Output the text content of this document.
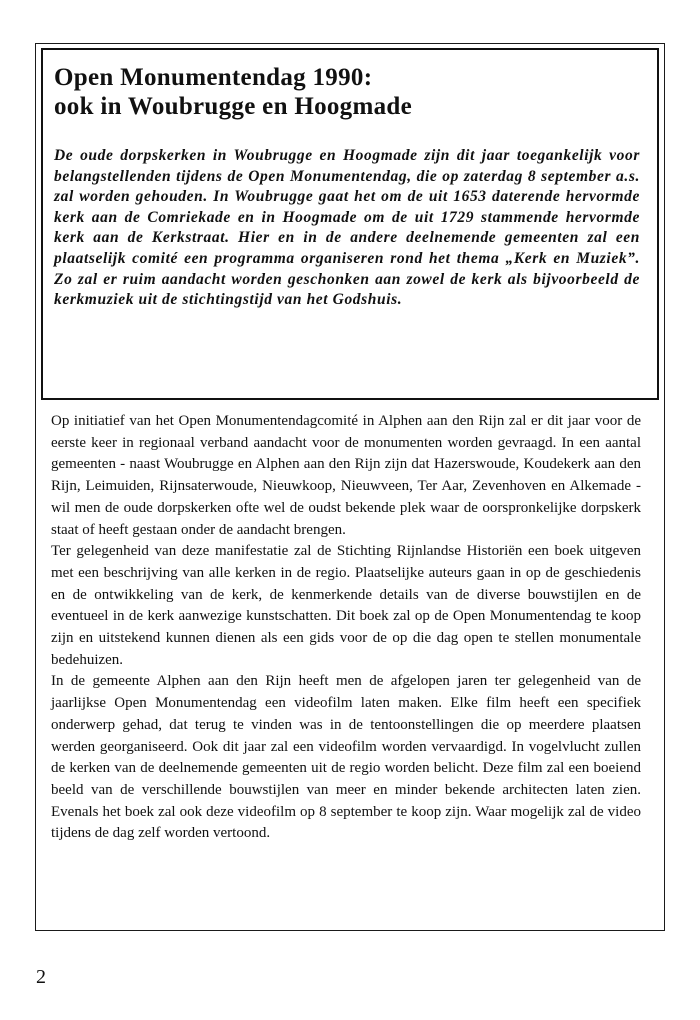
Open Monumentendag 1990:
ook in Woubrugge en Hoogmade

De oude dorpskerken in Woubrugge en Hoogmade zijn dit jaar toegankelijk voor belangstellenden tijdens de Open Monumentendag, die op zaterdag 8 september a.s. zal worden gehouden. In Woubrugge gaat het om de uit 1653 daterende hervormde kerk aan de Comriekade en in Hoogmade om de uit 1729 stammende hervormde kerk aan de Kerkstraat. Hier en in de andere deelnemende gemeenten zal een plaatselijk comité een programma organiseren rond het thema „Kerk en Muziek”. Zo zal er ruim aandacht worden geschonken aan zowel de kerk als bijvoorbeeld de kerkmuziek uit de stichtingstijd van het Godshuis.

Op initiatief van het Open Monumentendagcomité in Alphen aan den Rijn zal er dit jaar voor de eerste keer in regionaal verband aandacht voor de monumenten worden gevraagd. In een aantal gemeenten - naast Woubrugge en Alphen aan den Rijn zijn dat Hazerswoude, Koudekerk aan den Rijn, Leimuiden, Rijnsaterwoude, Nieuwkoop, Nieuwveen, Ter Aar, Zevenhoven en Alkemade - wil men de oude dorpskerken ofte wel de oudst bekende plek waar de oorspronkelijke dorpskerk staat of heeft gestaan onder de aandacht brengen.
Ter gelegenheid van deze manifestatie zal de Stichting Rijnlandse Historiën een boek uitgeven met een beschrijving van alle kerken in de regio. Plaatselijke auteurs gaan in op de geschiedenis en de ontwikkeling van de kerk, de kenmerkende details van de diverse bouwstijlen en de eventueel in de kerk aanwezige kunstschatten. Dit boek zal op de Open Monumentendag te koop zijn en uitstekend kunnen dienen als een gids voor de op die dag open te stellen monumentale bedehuizen.
In de gemeente Alphen aan den Rijn heeft men de afgelopen jaren ter gelegenheid van de jaarlijkse Open Monumentendag een videofilm laten maken. Elke film heeft een specifiek onderwerp gehad, dat terug te vinden was in de tentoonstellingen die op meerdere plaatsen werden georganiseerd. Ook dit jaar zal een videofilm worden vervaardigd. In vogelvlucht zullen de kerken van de deelnemende gemeenten uit de regio worden belicht. Deze film zal een boeiend beeld van de verschillende bouwstijlen van meer en minder bekende architecten laten zien. Evenals het boek zal ook deze videofilm op 8 september te koop zijn. Waar mogelijk zal de video tijdens de dag zelf worden vertoond.
2
